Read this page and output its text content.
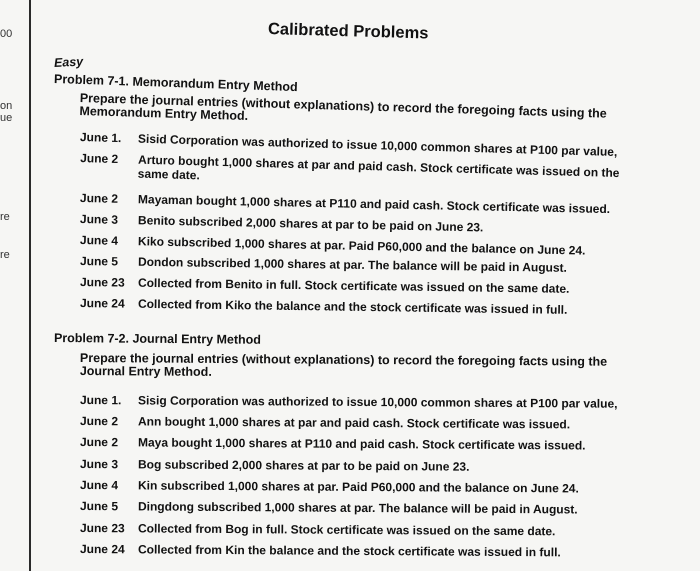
00
on
ue
re
re
Calibrated Problems
Easy
Problem 7-1. Memorandum Entry Method
Prepare the journal entries (without explanations) to record the foregoing facts using the Memorandum Entry Method.
June 1. Sisid Corporation was authorized to issue 10,000 common shares at P100 par value,
June 2 Arturo bought 1,000 shares at par and paid cash. Stock certificate was issued on the same date.
June 2 Mayaman bought 1,000 shares at P110 and paid cash. Stock certificate was issued.
June 3 Benito subscribed 2,000 shares at par to be paid on June 23.
June 4 Kiko subscribed 1,000 shares at par. Paid P60,000 and the balance on June 24.
June 5 Dondon subscribed 1,000 shares at par. The balance will be paid in August.
June 23 Collected from Benito in full. Stock certificate was issued on the same date.
June 24 Collected from Kiko the balance and the stock certificate was issued in full.
Problem 7-2. Journal Entry Method
Prepare the journal entries (without explanations) to record the foregoing facts using the Journal Entry Method.
June 1. Sisig Corporation was authorized to issue 10,000 common shares at P100 par value,
June 2 Ann bought 1,000 shares at par and paid cash. Stock certificate was issued.
June 2 Maya bought 1,000 shares at P110 and paid cash. Stock certificate was issued.
June 3 Bog subscribed 2,000 shares at par to be paid on June 23.
June 4 Kin subscribed 1,000 shares at par. Paid P60,000 and the balance on June 24.
June 5 Dingdong subscribed 1,000 shares at par. The balance will be paid in August.
June 23 Collected from Bog in full. Stock certificate was issued on the same date.
June 24 Collected from Kin the balance and the stock certificate was issued in full.
